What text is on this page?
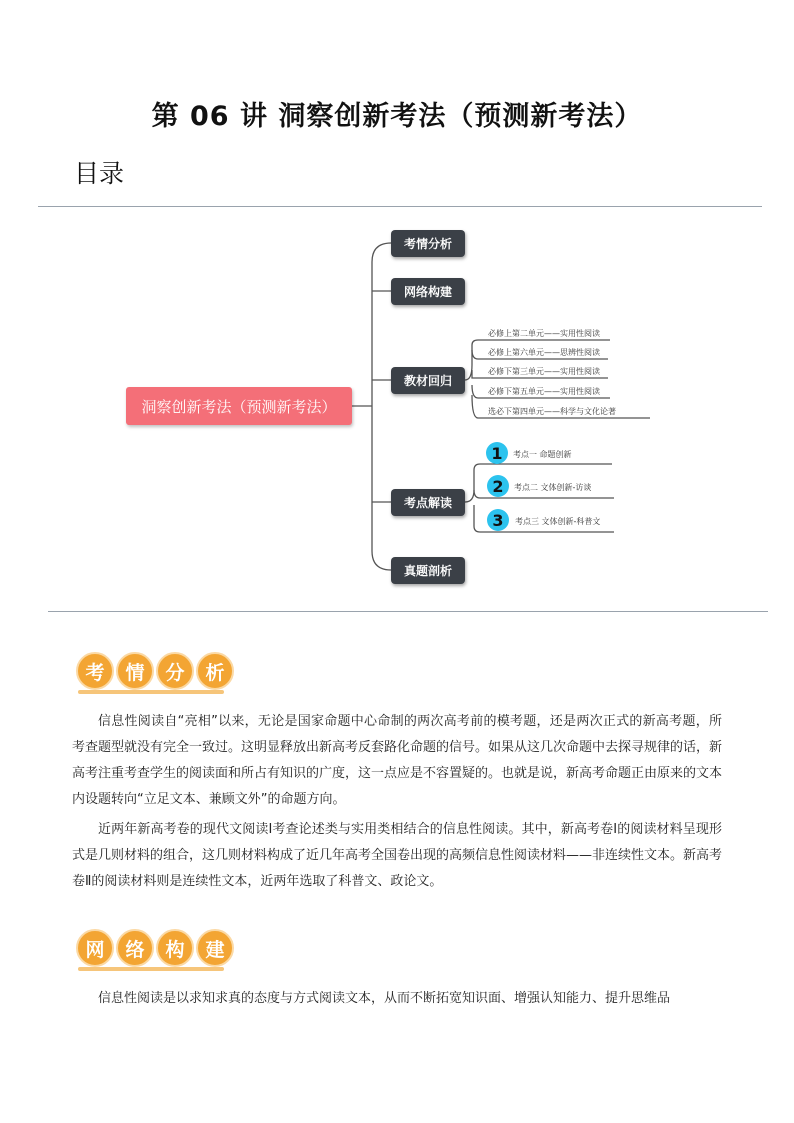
第 06 讲 洞察创新考法（预测新考法）
目录
洞察创新考法（预测新考法）
考情分析
网络构建
教材回归
考点解读
真题剖析
必修上第二单元——实用性阅读
必修上第六单元——思辨性阅读
必修下第三单元——实用性阅读
必修下第五单元——实用性阅读
选必下第四单元——科学与文化论著
1	考点一 命题创新
2	考点二 文体创新-访谈
3	考点三 文体创新-科普文
考	情	分	析
信息性阅读自“亮相”以来，无论是国家命题中心命制的两次高考前的模考题，还是两次正式的新高考题，所考查题型就没有完全一致过。这明显释放出新高考反套路化命题的信号。如果从这几次命题中去探寻规律的话，新高考注重考查学生的阅读面和所占有知识的广度，这一点应是不容置疑的。也就是说，新高考命题正由原来的文本内设题转向“立足文本、兼顾文外”的命题方向。
近两年新高考卷的现代文阅读Ⅰ考查论述类与实用类相结合的信息性阅读。其中，新高考卷Ⅰ的阅读材料呈现形式是几则材料的组合，这几则材料构成了近几年高考全国卷出现的高频信息性阅读材料——非连续性文本。新高考卷Ⅱ的阅读材料则是连续性文本，近两年选取了科普文、政论文。
网	络	构	建
信息性阅读是以求知求真的态度与方式阅读文本，从而不断拓宽知识面、增强认知能力、提升思维品
